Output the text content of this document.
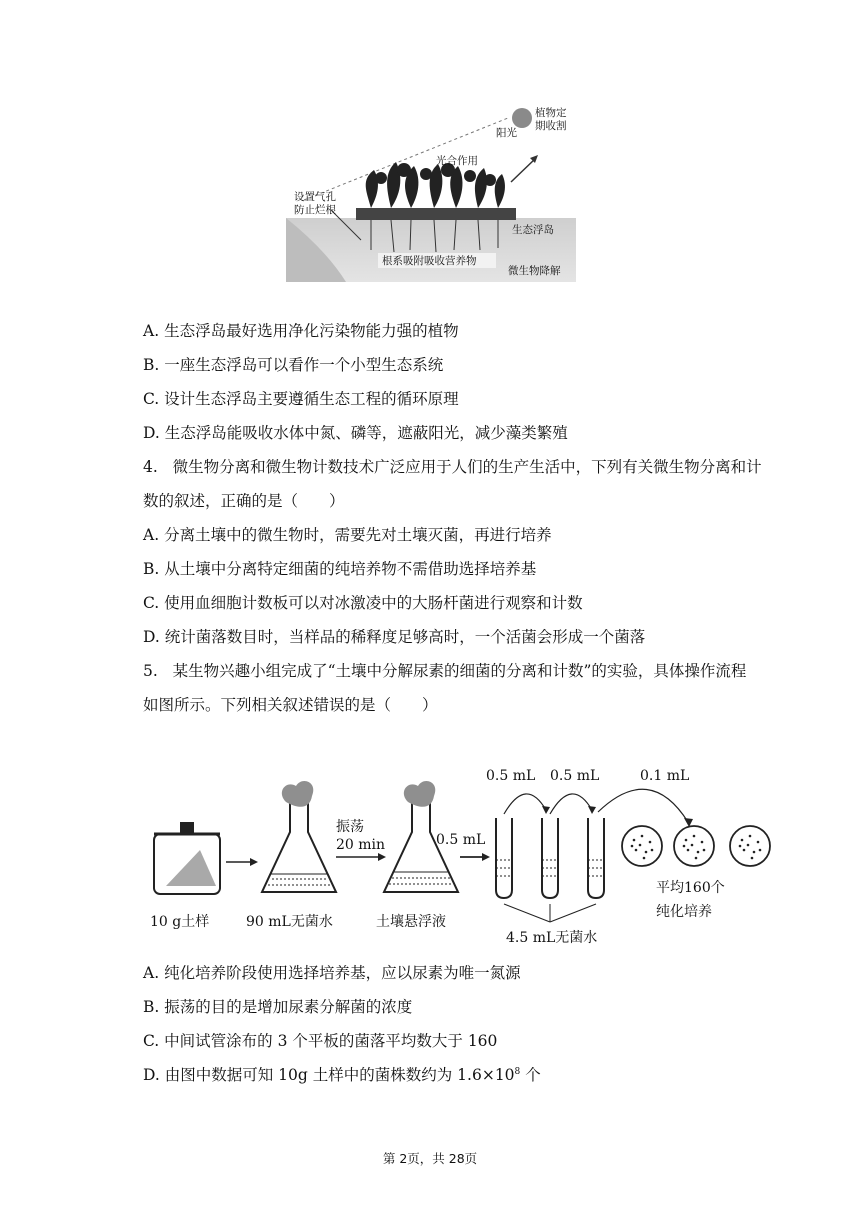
阳光
植物定
期收割
光合作用
设置气孔
防止烂根
生态浮岛
根系吸附吸收营养物
微生物降解
A. 生态浮岛最好选用净化污染物能力强的植物
B. 一座生态浮岛可以看作一个小型生态系统
C. 设计生态浮岛主要遵循生态工程的循环原理
D. 生态浮岛能吸收水体中氮、磷等，遮蔽阳光，减少藻类繁殖
4. 微生物分离和微生物计数技术广泛应用于人们的生产生活中，下列有关微生物分离和计
数的叙述，正确的是（　　）
A. 分离土壤中的微生物时，需要先对土壤灭菌，再进行培养
B. 从土壤中分离特定细菌的纯培养物不需借助选择培养基
C. 使用血细胞计数板可以对冰激凌中的大肠杆菌进行观察和计数
D. 统计菌落数目时，当样品的稀释度足够高时，一个活菌会形成一个菌落
5. 某生物兴趣小组完成了“土壤中分解尿素的细菌的分离和计数”的实验，具体操作流程
如图所示。下列相关叙述错误的是（　　）
10 g土样	90 mL无菌水
振荡
20 min
土壤悬浮液
0.5 mL
0.5 mL 0.5 mL	0.1 mL
4.5 mL无菌水
平均160个
纯化培养
A. 纯化培养阶段使用选择培养基，应以尿素为唯一氮源
B. 振荡的目的是增加尿素分解菌的浓度
C. 中间试管涂布的 3 个平板的菌落平均数大于 160
D. 由图中数据可知 10g 土样中的菌株数约为 $1.6\times 10^8$ 个
第 2页，共 28页
